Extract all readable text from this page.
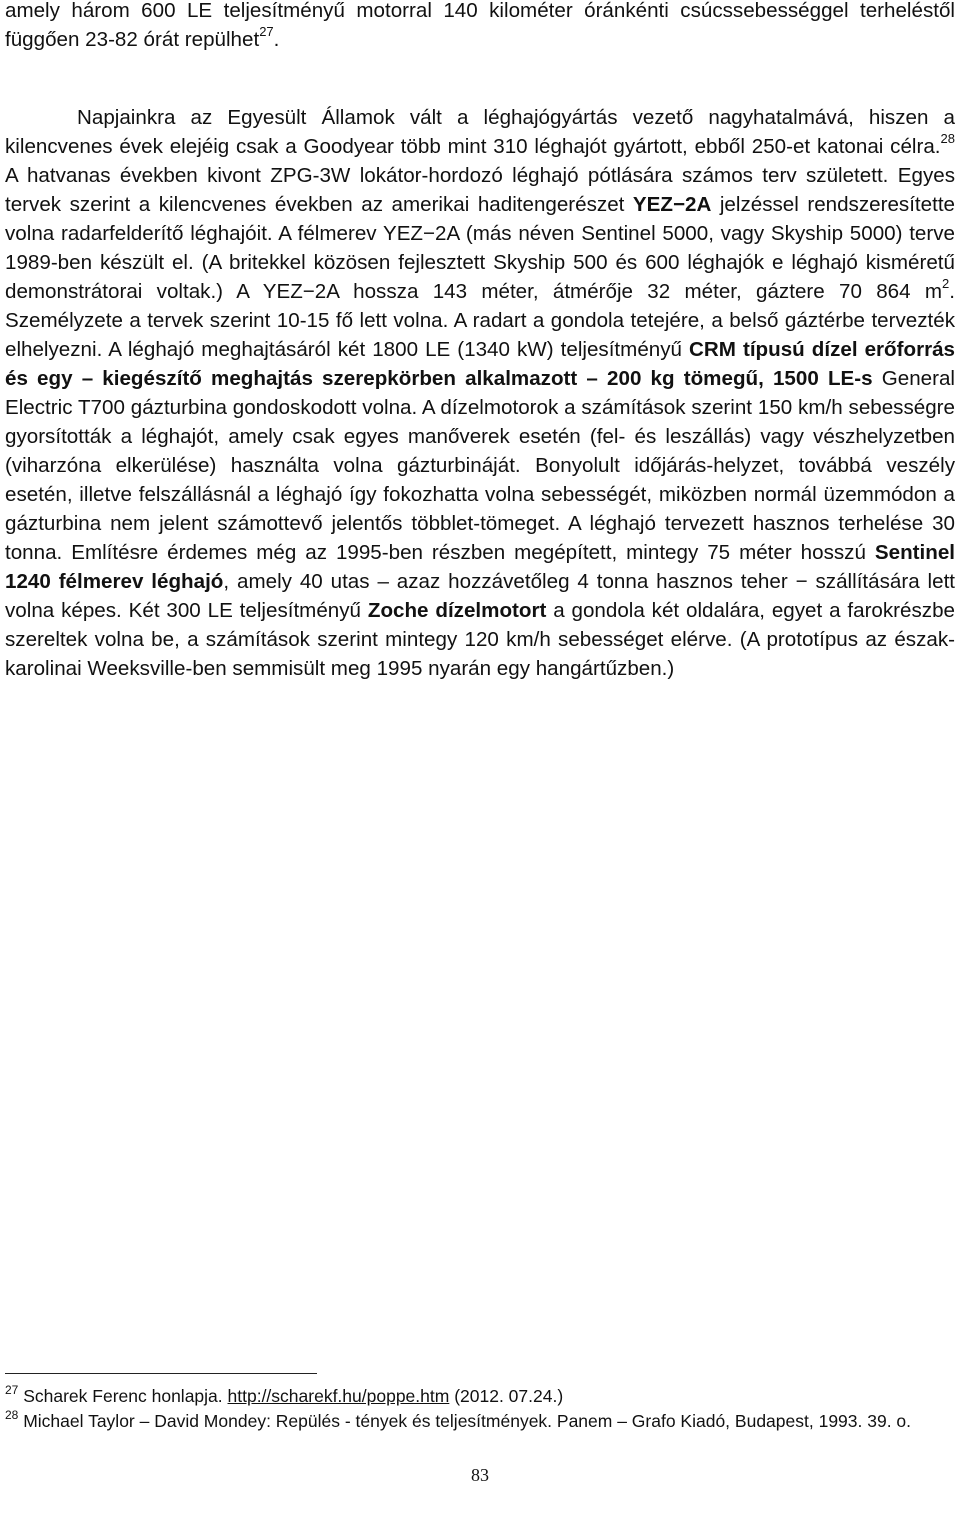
amely három 600 LE teljesítményű motorral 140 kilométer óránkénti csúcssebességgel terheléstől függően 23-82 órát repülhet$^{27}$.

Napjainkra az Egyesült Államok vált a léghajógyártás vezető nagyhatalmává, hiszen a kilencvenes évek elejéig csak a Goodyear több mint 310 léghajót gyártott, ebből 250-et katonai célra.$^{28}$ A hatvanas években kivont ZPG-3W lokátor-hordozó léghajó pótlására számos terv született. Egyes tervek szerint a kilencvenes években az amerikai haditengerészet YEZ−2A jelzéssel rendszeresítette volna radarfelderítő léghajóit. A félmerev YEZ−2A (más néven Sentinel 5000, vagy Skyship 5000) terve 1989-ben készült el. (A britekkel közösen fejlesztett Skyship 500 és 600 léghajók e léghajó kisméretű demonstrátorai voltak.) A YEZ−2A hossza 143 méter, átmérője 32 méter, gáztere 70 864 $m^2$. Személyzete a tervek szerint 10-15 fő lett volna. A radart a gondola tetejére, a belső gáztérbe tervezték elhelyezni. A léghajó meghajtásáról két 1800 LE (1340 kW) teljesítményű CRM típusú dízel erőforrás és egy – kiegészítő meghajtás szerepkörben alkalmazott – 200 kg tömegű, 1500 LE-s General Electric T700 gázturbina gondoskodott volna. A dízelmotorok a számítások szerint 150 km/h sebességre gyorsították a léghajót, amely csak egyes manőverek esetén (fel- és leszállás) vagy vészhelyzetben (viharzóna elkerülése) használta volna gázturbináját. Bonyolult időjárás-helyzet, továbbá veszély esetén, illetve felszállásnál a léghajó így fokozhatta volna sebességét, miközben normál üzemmódon a gázturbina nem jelent számottevő jelentős többlet-tömeget. A léghajó tervezett hasznos terhelése 30 tonna. Említésre érdemes még az 1995-ben részben megépített, mintegy 75 méter hosszú Sentinel 1240 félmerev léghajó, amely 40 utas – azaz hozzávetőleg 4 tonna hasznos teher − szállítására lett volna képes. Két 300 LE teljesítményű Zoche dízelmotort a gondola két oldalára, egyet a farokrészbe szereltek volna be, a számítások szerint mintegy 120 km/h sebességet elérve. (A prototípus az észak-karolinai Weeksville-ben semmisült meg 1995 nyarán egy hangártűzben.)

$^{27}$ Scharek Ferenc honlapja. http://scharekf.hu/poppe.htm (2012. 07.24.)

$^{28}$ Michael Taylor – David Mondey: Repülés - tények és teljesítmények. Panem – Grafo Kiadó, Budapest, 1993. 39. o.

83
